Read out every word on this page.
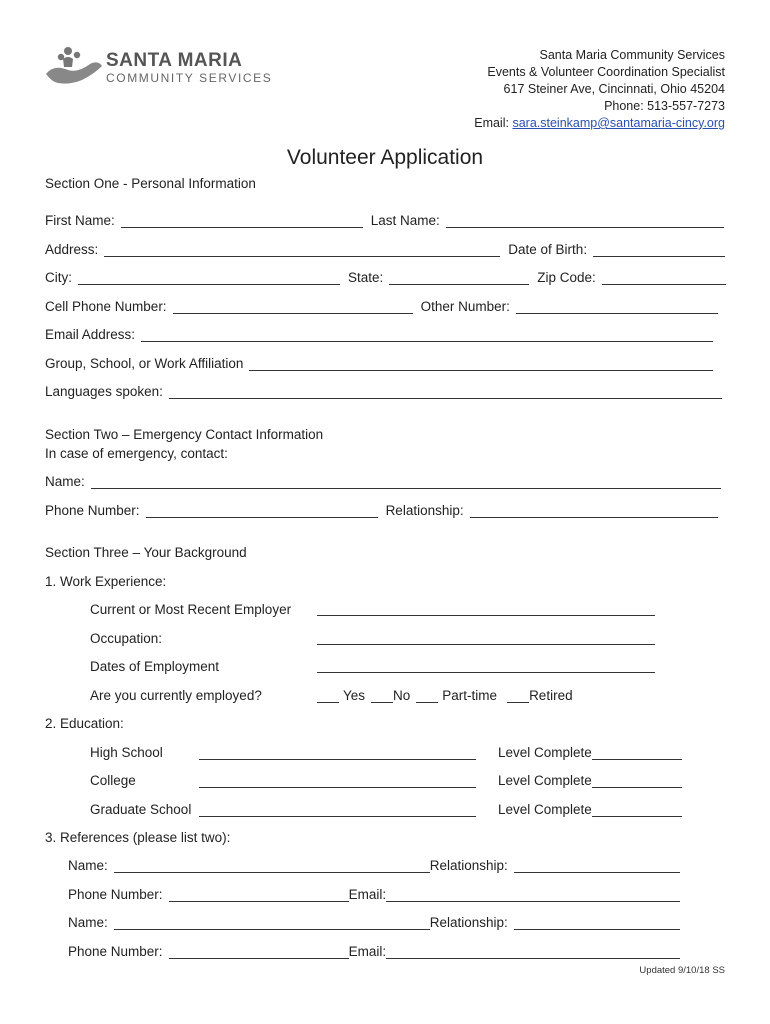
SANTA MARIA
COMMUNITY SERVICES
Santa Maria Community Services
Events & Volunteer Coordination Specialist
617 Steiner Ave, Cincinnati, Ohio 45204
Phone: 513-557-7273
Email: sara.steinkamp@santamaria-cincy.org
Volunteer Application
Section One - Personal Information
First Name:	Last Name:
Address:	Date of Birth:
City:	State:	Zip Code:
Cell Phone Number:	Other Number:
Email Address:
Group, School, or Work Affiliation
Languages spoken:
Section Two – Emergency Contact Information
In case of emergency, contact:
Name:
Phone Number:	Relationship:
Section Three – Your Background
1. Work Experience:
Current or Most Recent Employer
Occupation:
Dates of Employment
Are you currently employed?	Yes No Part-time Retired
2. Education:
High School	Level Complete
College	Level Complete
Graduate School	Level Complete
3. References (please list two):
Name:	Relationship:
Phone Number:	Email:
Name:	Relationship:
Phone Number:	Email:
Updated 9/10/18 SS
